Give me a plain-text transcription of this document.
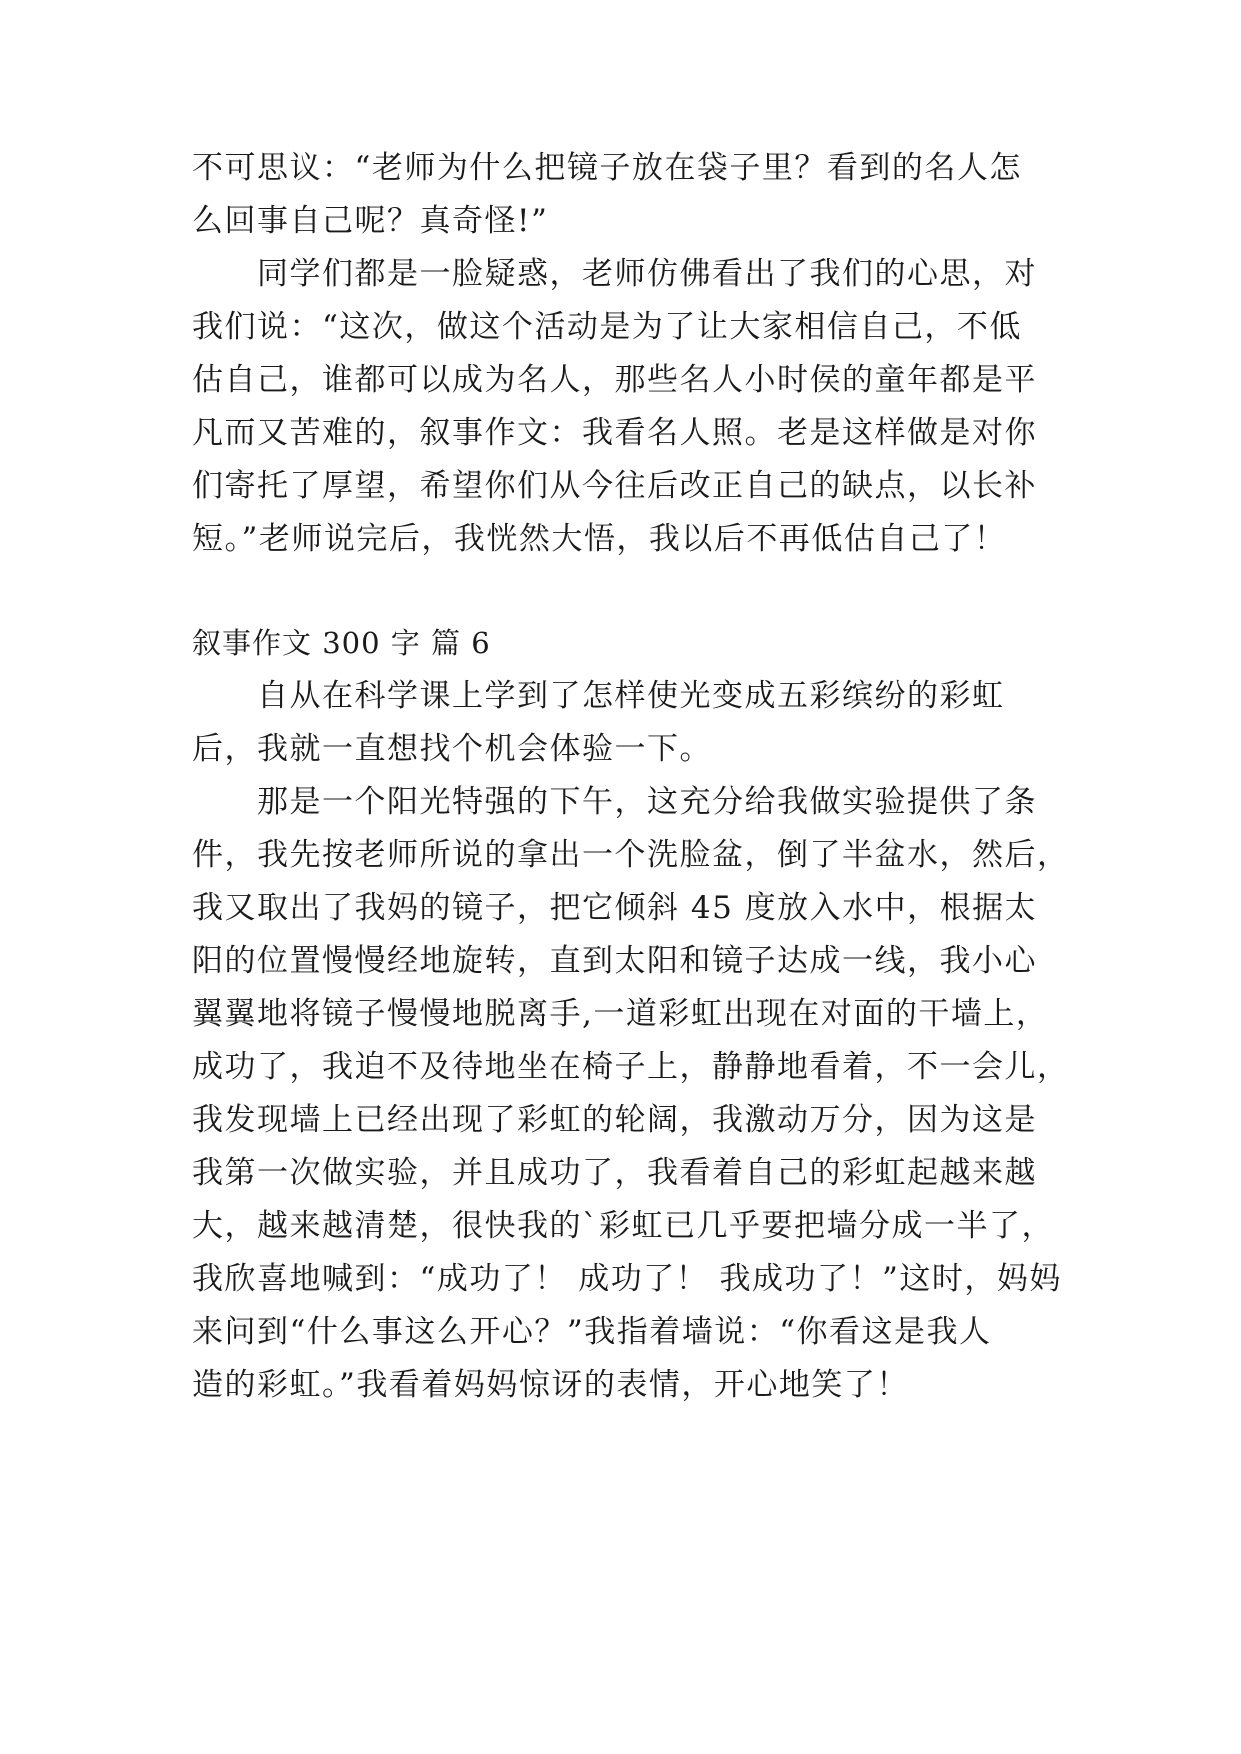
不可思议：“老师为什么把镜子放在袋子里？看到的名人怎
么回事自己呢？真奇怪!”
同学们都是一脸疑惑，老师仿佛看出了我们的心思，对
我们说：“这次，做这个活动是为了让大家相信自己，不低
估自己，谁都可以成为名人，那些名人小时侯的童年都是平
凡而又苦难的，叙事作文：我看名人照。老是这样做是对你
们寄托了厚望，希望你们从今往后改正自己的缺点，以长补
短。”老师说完后，我恍然大悟，我以后不再低估自己了！
叙事作文 300 字 篇 6
自从在科学课上学到了怎样使光变成五彩缤纷的彩虹
后，我就一直想找个机会体验一下。
那是一个阳光特强的下午，这充分给我做实验提供了条
件，我先按老师所说的拿出一个洗脸盆，倒了半盆水，然后，
我又取出了我妈的镜子，把它倾斜 45 度放入水中，根据太
阳的位置慢慢经地旋转，直到太阳和镜子达成一线，我小心
翼翼地将镜子慢慢地脱离手,一道彩虹出现在对面的干墙上，
成功了，我迫不及待地坐在椅子上，静静地看着，不一会儿，
我发现墙上已经出现了彩虹的轮阔，我激动万分，因为这是
我第一次做实验，并且成功了，我看着自己的彩虹起越来越
大，越来越清楚，很快我的`彩虹已几乎要把墙分成一半了，
我欣喜地喊到：“成功了！ 成功了！ 我成功了！”这时，妈妈
来问到“什么事这么开心？”我指着墙说：“你看这是我人
造的彩虹。”我看着妈妈惊讶的表情，开心地笑了！
